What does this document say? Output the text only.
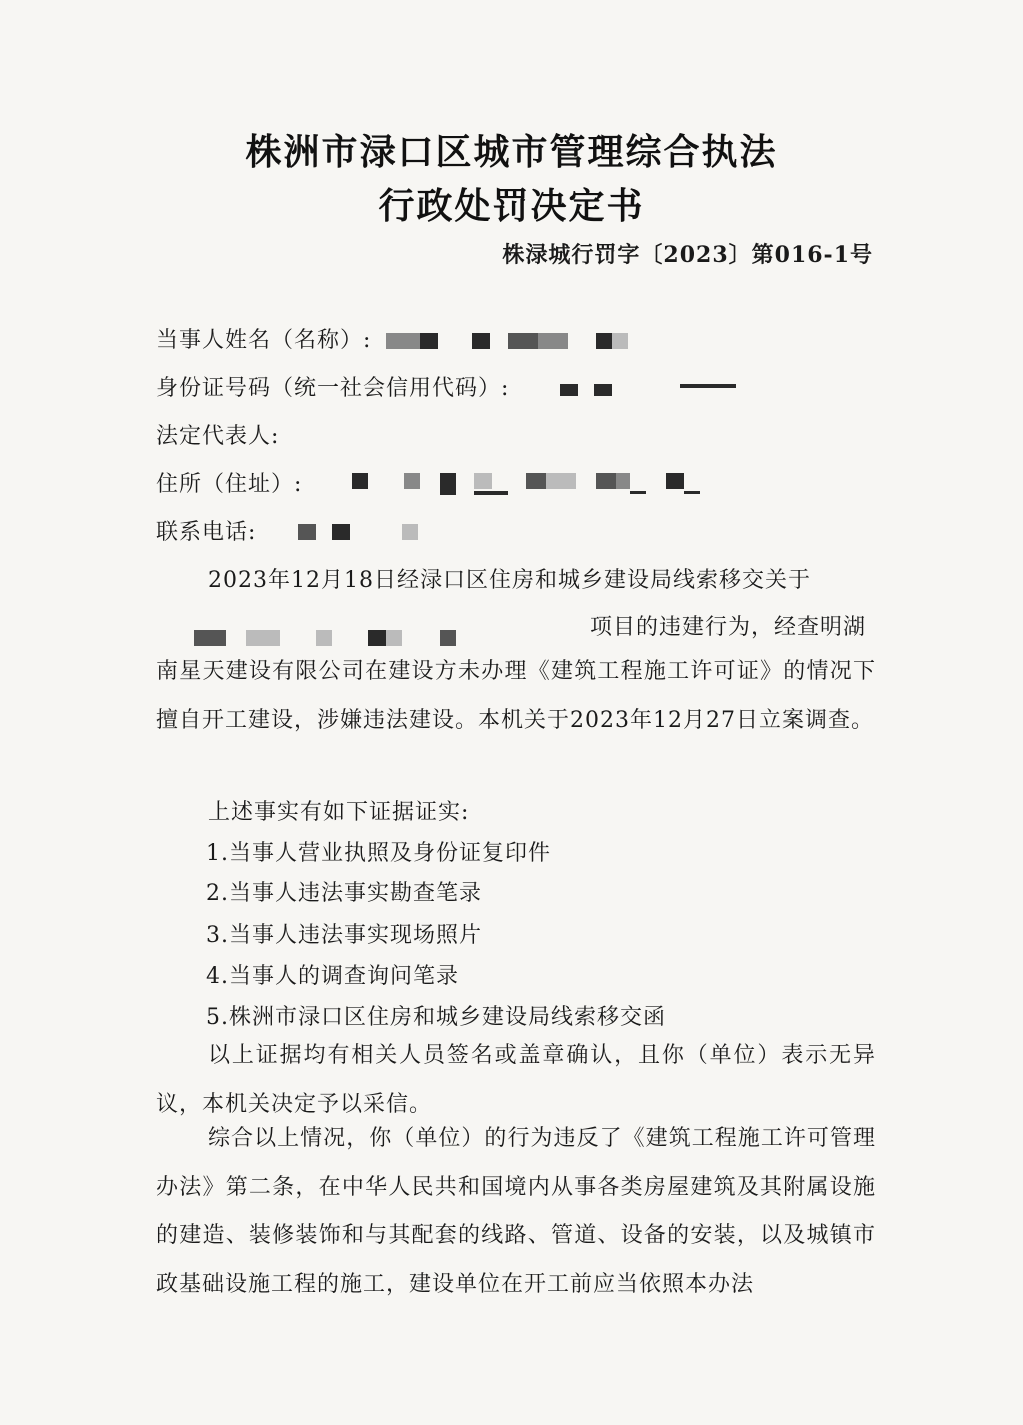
株洲市渌口区城市管理综合执法
行政处罚决定书
株渌城行罚字〔2023〕第016-1号
当事人姓名（名称）:
身份证号码（统一社会信用代码）:
法定代表人:
住所（住址）:
联系电话:
2023年12月18日经渌口区住房和城乡建设局线索移交关于
项目的违建行为，经查明湖
南星天建设有限公司在建设方未办理《建筑工程施工许可证》的情况下擅自开工建设，涉嫌违法建设。本机关于2023年12月27日立案调查。
上述事实有如下证据证实:
1.当事人营业执照及身份证复印件
2.当事人违法事实勘查笔录
3.当事人违法事实现场照片
4.当事人的调查询问笔录
5.株洲市渌口区住房和城乡建设局线索移交函
以上证据均有相关人员签名或盖章确认，且你（单位）表示无异议，本机关决定予以采信。
综合以上情况，你（单位）的行为违反了《建筑工程施工许可管理办法》第二条，在中华人民共和国境内从事各类房屋建筑及其附属设施的建造、装修装饰和与其配套的线路、管道、设备的安装，以及城镇市政基础设施工程的施工，建设单位在开工前应当依照本办法
